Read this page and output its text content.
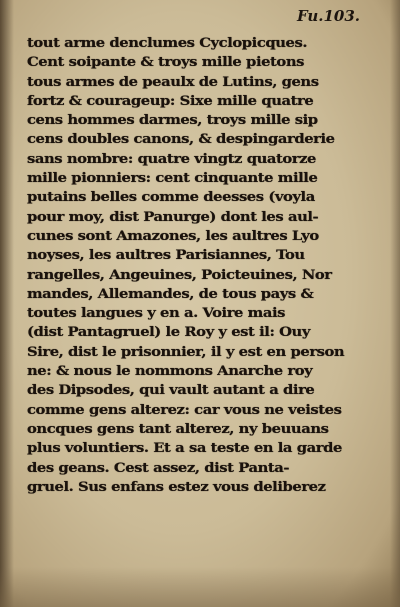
Fu.103.
tout arme denclumes Cyclopicques.
Cent soipante & troys mille pietons
tous armes de peaulx de Lutins, gens
fortz & courageup: Sixe mille quatre
cens hommes darmes, troys mille sip
cens doubles canons, & despingarderie
sans nombre: quatre vingtz quatorze
mille pionniers: cent cinquante mille
putains belles comme deesses (voyla
pour moy, dist Panurge) dont les aul-
cunes sont Amazones, les aultres Lyo
noyses, les aultres Parisiannes, Tou
rangelles, Angeuines, Poicteuines, Nor
mandes, Allemandes, de tous pays &
toutes langues y en a. Voire mais
(dist Pantagruel) le Roy y est il: Ouy
Sire, dist le prisonnier, il y est en person
ne: & nous le nommons Anarche roy
des Dipsodes, qui vault autant a dire
comme gens alterez: car vous ne veistes
oncques gens tant alterez, ny beuuans
plus voluntiers. Et a sa teste en la garde
des geans. Cest assez, dist Panta-
gruel. Sus enfans estez vous deliberez
